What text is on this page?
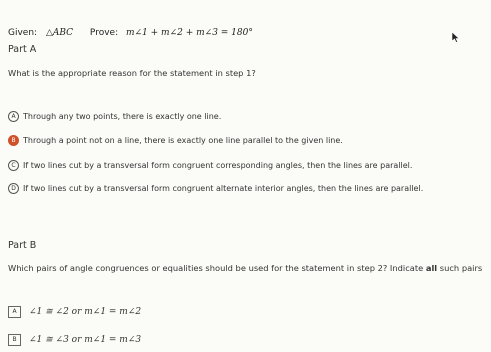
Given: △ABC Prove: m∠1 + m∠2 + m∠3 = 180°
Part A
What is the appropriate reason for the statement in step 1?
A Through any two points, there is exactly one line.
B Through a point not on a line, there is exactly one line parallel to the given line.
C If two lines cut by a transversal form congruent corresponding angles, then the lines are parallel.
D If two lines cut by a transversal form congruent alternate interior angles, then the lines are parallel.
Part B
Which pairs of angle congruences or equalities should be used for the statement in step 2? Indicate all such pairs
A	∠1 ≅ ∠2 or m∠1 = m∠2
B	∠1 ≅ ∠3 or m∠1 = m∠3
